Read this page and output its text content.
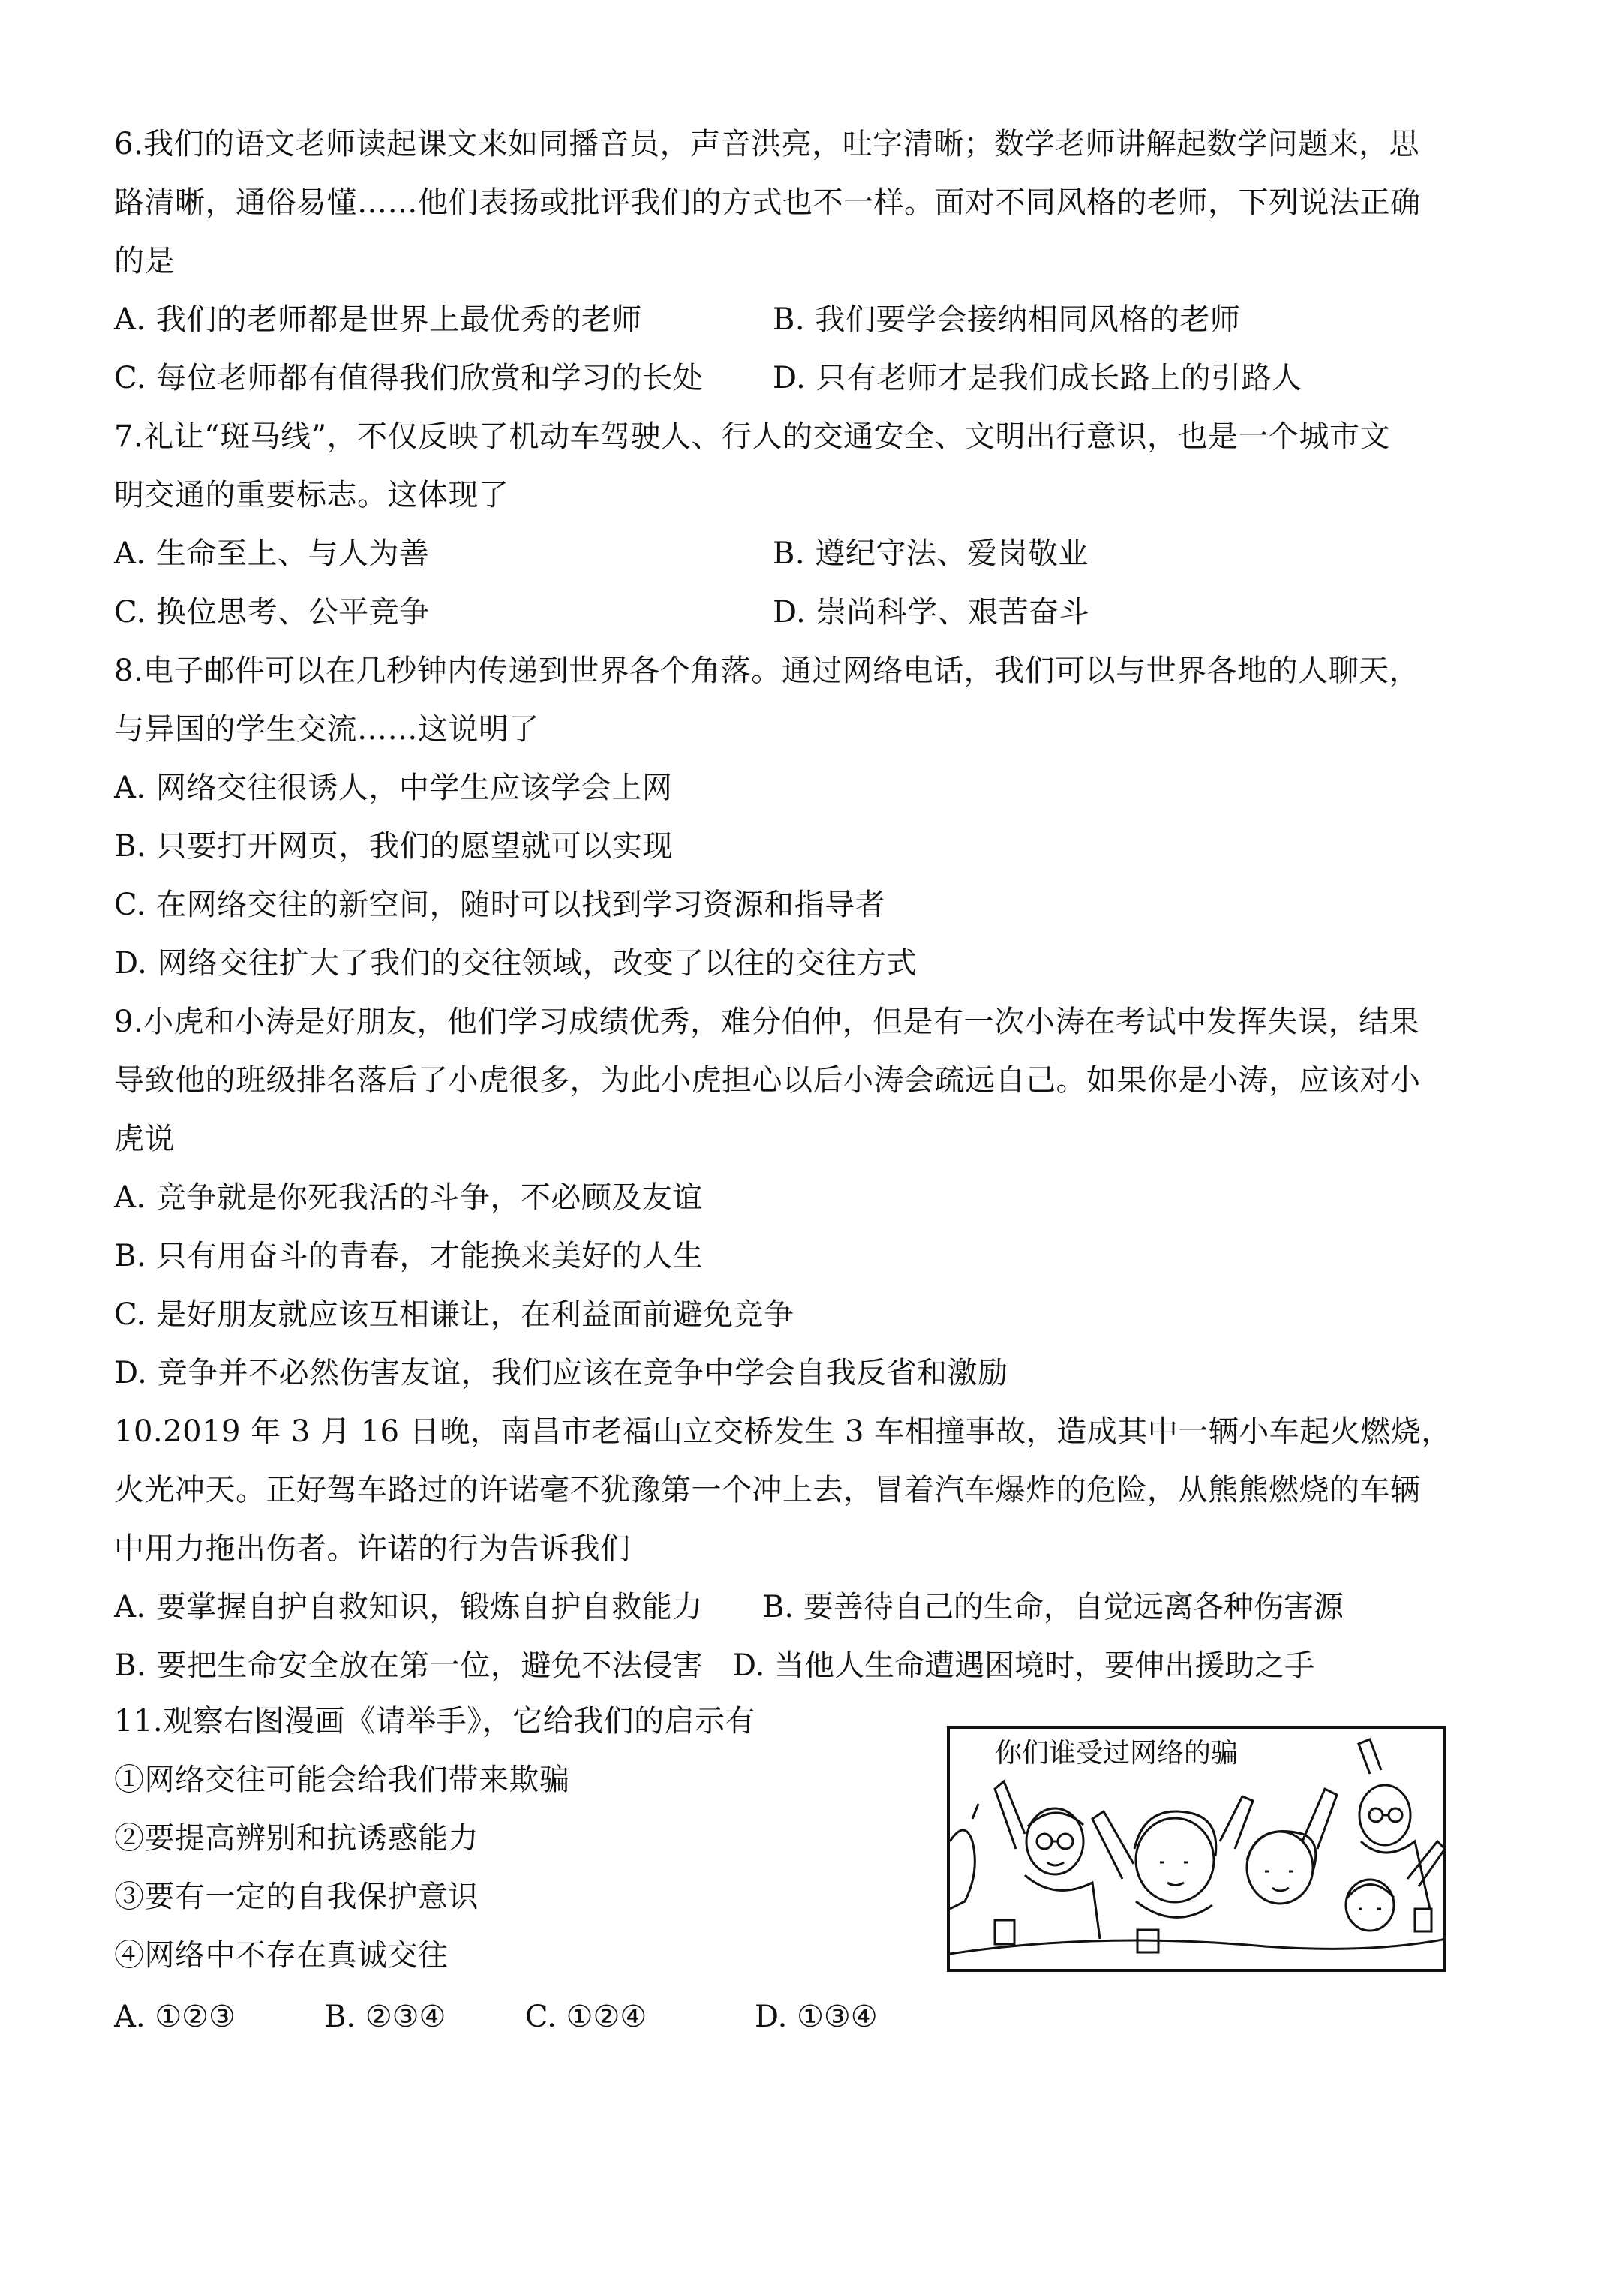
6.我们的语文老师读起课文来如同播音员，声音洪亮，吐字清晰；数学老师讲解起数学问题来，思
路清晰，通俗易懂……他们表扬或批评我们的方式也不一样。面对不同风格的老师，下列说法正确
的是
A. 我们的老师都是世界上最优秀的老师	B. 我们要学会接纳相同风格的老师
C. 每位老师都有值得我们欣赏和学习的长处 D. 只有老师才是我们成长路上的引路人
7.礼让“斑马线”，不仅反映了机动车驾驶人、行人的交通安全、文明出行意识，也是一个城市文
明交通的重要标志。这体现了
A. 生命至上、与人为善	B. 遵纪守法、爱岗敬业
C. 换位思考、公平竞争	D. 崇尚科学、艰苦奋斗
8.电子邮件可以在几秒钟内传递到世界各个角落。通过网络电话，我们可以与世界各地的人聊天，
与异国的学生交流……这说明了
A. 网络交往很诱人，中学生应该学会上网
B. 只要打开网页，我们的愿望就可以实现
C. 在网络交往的新空间，随时可以找到学习资源和指导者
D. 网络交往扩大了我们的交往领域，改变了以往的交往方式
9.小虎和小涛是好朋友，他们学习成绩优秀，难分伯仲，但是有一次小涛在考试中发挥失误，结果
导致他的班级排名落后了小虎很多，为此小虎担心以后小涛会疏远自己。如果你是小涛，应该对小
虎说
A. 竞争就是你死我活的斗争，不必顾及友谊
B. 只有用奋斗的青春，才能换来美好的人生
C. 是好朋友就应该互相谦让，在利益面前避免竞争
D. 竞争并不必然伤害友谊，我们应该在竞争中学会自我反省和激励
10.2019 年 3 月 16 日晚，南昌市老福山立交桥发生 3 车相撞事故，造成其中一辆小车起火燃烧，
火光冲天。正好驾车路过的许诺毫不犹豫第一个冲上去，冒着汽车爆炸的危险，从熊熊燃烧的车辆
中用力拖出伤者。许诺的行为告诉我们
A. 要掌握自护自救知识，锻炼自护自救能力 B. 要善待自己的生命，自觉远离各种伤害源
B. 要把生命安全放在第一位，避免不法侵害 D. 当他人生命遭遇困境时，要伸出援助之手
11.观察右图漫画《请举手》，它给我们的启示有
①网络交往可能会给我们带来欺骗
②要提高辨别和抗诱惑能力
③要有一定的自我保护意识
④网络中不存在真诚交往
A. ①②③	B. ②③④	C. ①②④	D. ①③④
你们谁受过网络的骗
